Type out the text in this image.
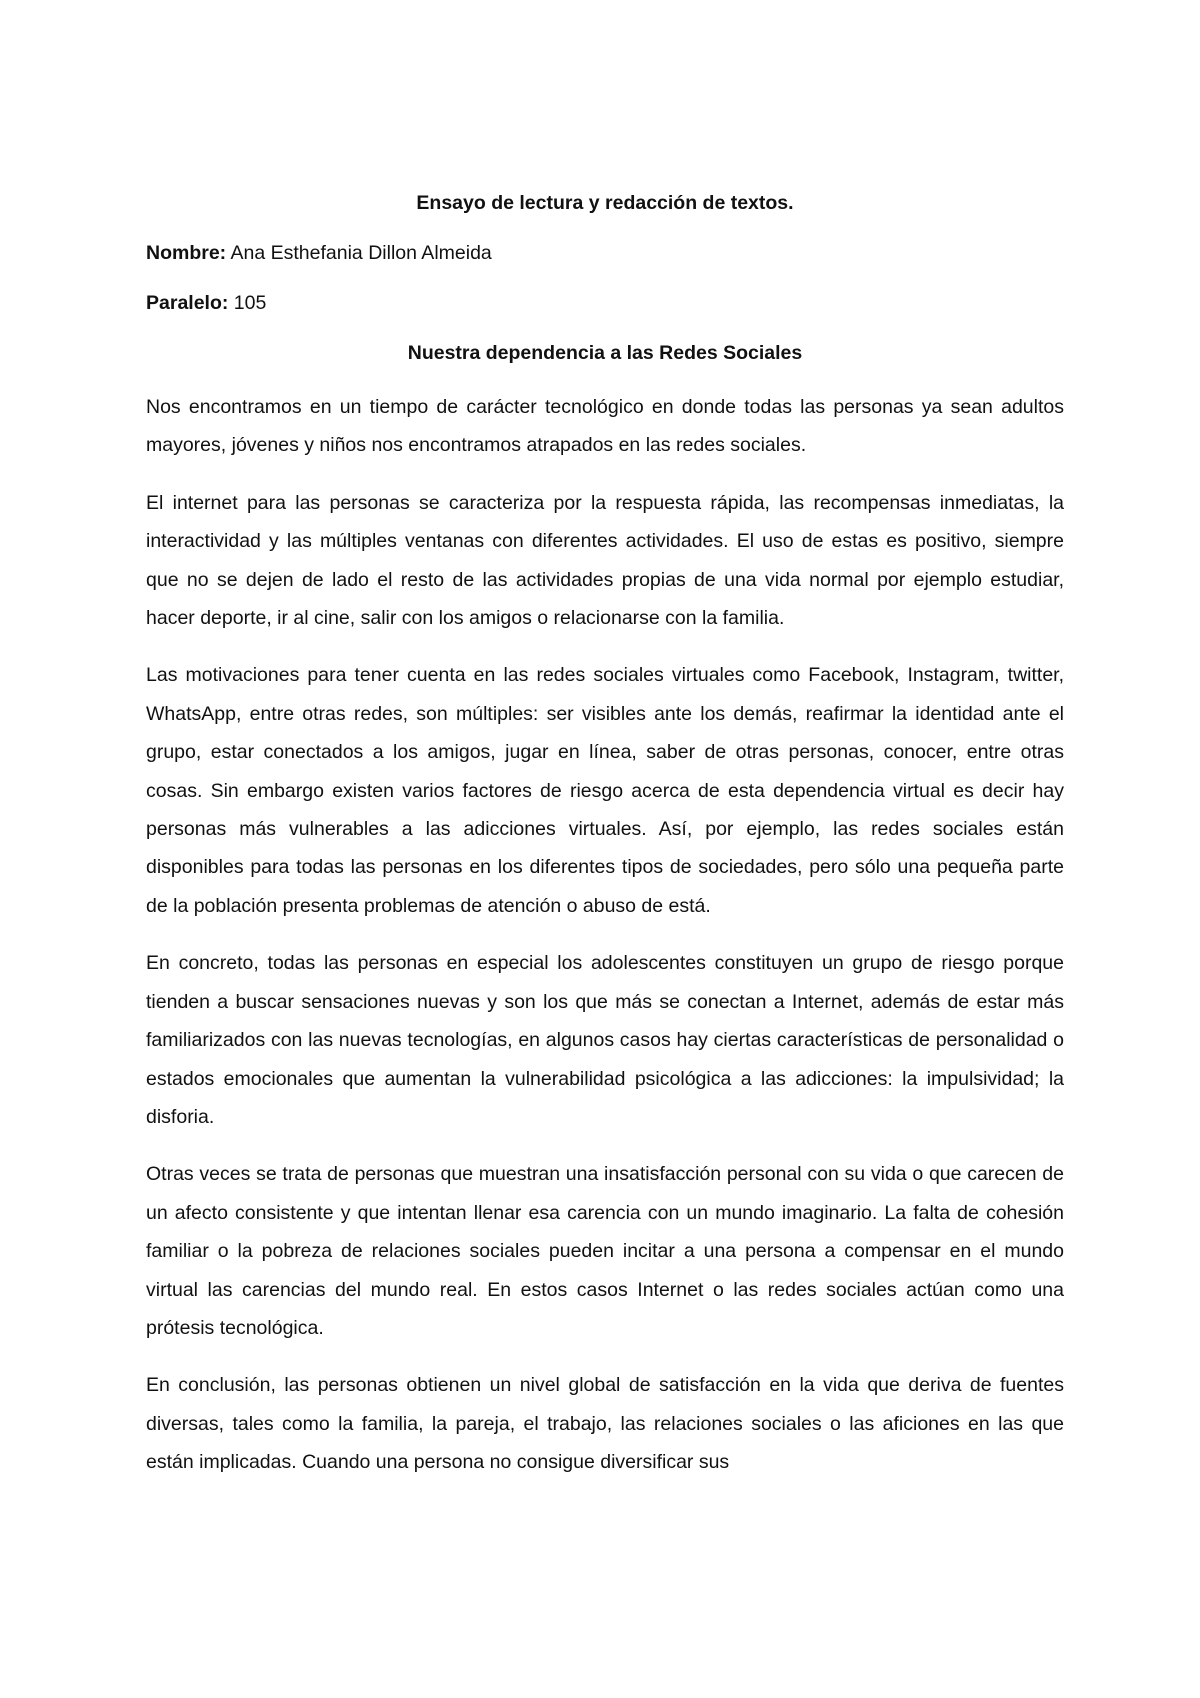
Ensayo de lectura y redacción de textos.
Nombre: Ana Esthefania Dillon Almeida
Paralelo: 105
Nuestra dependencia a las Redes Sociales

Nos encontramos en un tiempo de carácter tecnológico en donde todas las personas ya sean adultos mayores, jóvenes y niños nos encontramos atrapados en las redes sociales.

El internet para las personas se caracteriza por la respuesta rápida, las recompensas inmediatas, la interactividad y las múltiples ventanas con diferentes actividades. El uso de estas es positivo, siempre que no se dejen de lado el resto de las actividades propias de una vida normal por ejemplo estudiar, hacer deporte, ir al cine, salir con los amigos o relacionarse con la familia.

Las motivaciones para tener cuenta en las redes sociales virtuales como Facebook, Instagram, twitter, WhatsApp, entre otras redes, son múltiples: ser visibles ante los demás, reafirmar la identidad ante el grupo, estar conectados a los amigos, jugar en línea, saber de otras personas, conocer, entre otras cosas. Sin embargo existen varios factores de riesgo acerca de esta dependencia virtual es decir hay personas más vulnerables a las adicciones virtuales. Así, por ejemplo, las redes sociales están disponibles para todas las personas en los diferentes tipos de sociedades, pero sólo una pequeña parte de la población presenta problemas de atención o abuso de está.

En concreto, todas las personas en especial los adolescentes constituyen un grupo de riesgo porque tienden a buscar sensaciones nuevas y son los que más se conectan a Internet, además de estar más familiarizados con las nuevas tecnologías, en algunos casos hay ciertas características de personalidad o estados emocionales que aumentan la vulnerabilidad psicológica a las adicciones: la impulsividad; la disforia.

Otras veces se trata de personas que muestran una insatisfacción personal con su vida o que carecen de un afecto consistente y que intentan llenar esa carencia con un mundo imaginario. La falta de cohesión familiar o la pobreza de relaciones sociales pueden incitar a una persona a compensar en el mundo virtual las carencias del mundo real. En estos casos Internet o las redes sociales actúan como una prótesis tecnológica.

En conclusión, las personas obtienen un nivel global de satisfacción en la vida que deriva de fuentes diversas, tales como la familia, la pareja, el trabajo, las relaciones sociales o las aficiones en las que están implicadas. Cuando una persona no consigue diversificar sus
